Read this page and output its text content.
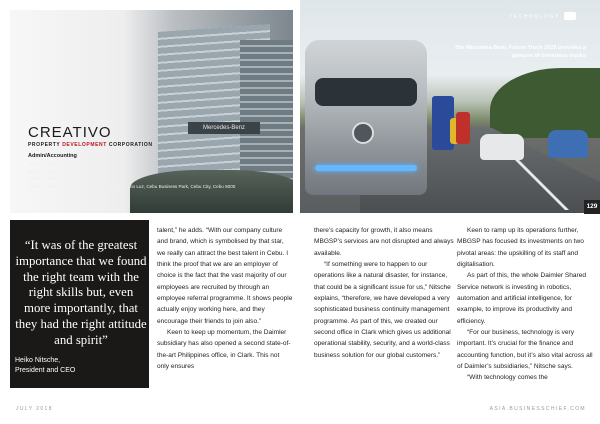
Mercedes-Benz
CREATIVO
PROPERTY DEVELOPMENT CORPORATION
Admin/Accounting
Tel: +63 32 xxx-xxxx
Mobile: +63 917 xxx xxxx (Sun)
Mobile: +63 917 xxx xxxx (Globe)
9th Mercedes-Benz Tower, Mindanao Avenue, Barrio Luz, Cebu Business Park, Cebu City, Cebu 6000
TECHNOLOGY
The Mercedes-Benz Future Truck 2025 provides a glimpse of driverless trucks
129
“It was of the greatest importance that we found the right team with the right skills but, even more importantly, that they had the right attitude and spirit”
Heiko Nitsche,
President and CEO

talent,” he adds. “With our company culture and brand, which is symbolised by that star, we really can attract the best talent in Cebu. I think the proof that we are an employer of choice is the fact that the vast majority of our employees are recruited by through an employee referral programme. It shows people actually enjoy working here, and they encourage their friends to join also.”

Keen to keep up momentum, the Daimler subsidiary has also opened a second state-of-the-art Philippines office, in Clark. This not only ensures

there’s capacity for growth, it also means MBGSP’s services are not disrupted and always available.

“If something were to happen to our operations like a natural disaster, for instance, that could be a significant issue for us,” Nitsche explains, “therefore, we have developed a very sophisticated business continuity management programme. As part of this, we created our second office in Clark which gives us additional operational stability, security, and a world-class business solution for our global customers.”

Keen to ramp up its operations further, MBGSP has focused its investments on two pivotal areas: the upskilling of its staff and digitalisation.

As part of this, the whole Daimler Shared Service network is investing in robotics, automation and artificial intelligence, for example, to improve its productivity and efficiency.

“For our business, technology is very important. It’s crucial for the finance and accounting function, but it’s also vital across all of Daimler’s subsidiaries,” Nitsche says.

“With technology comes the

JULY 2018	ASIA.BUSINESSCHIEF.COM
